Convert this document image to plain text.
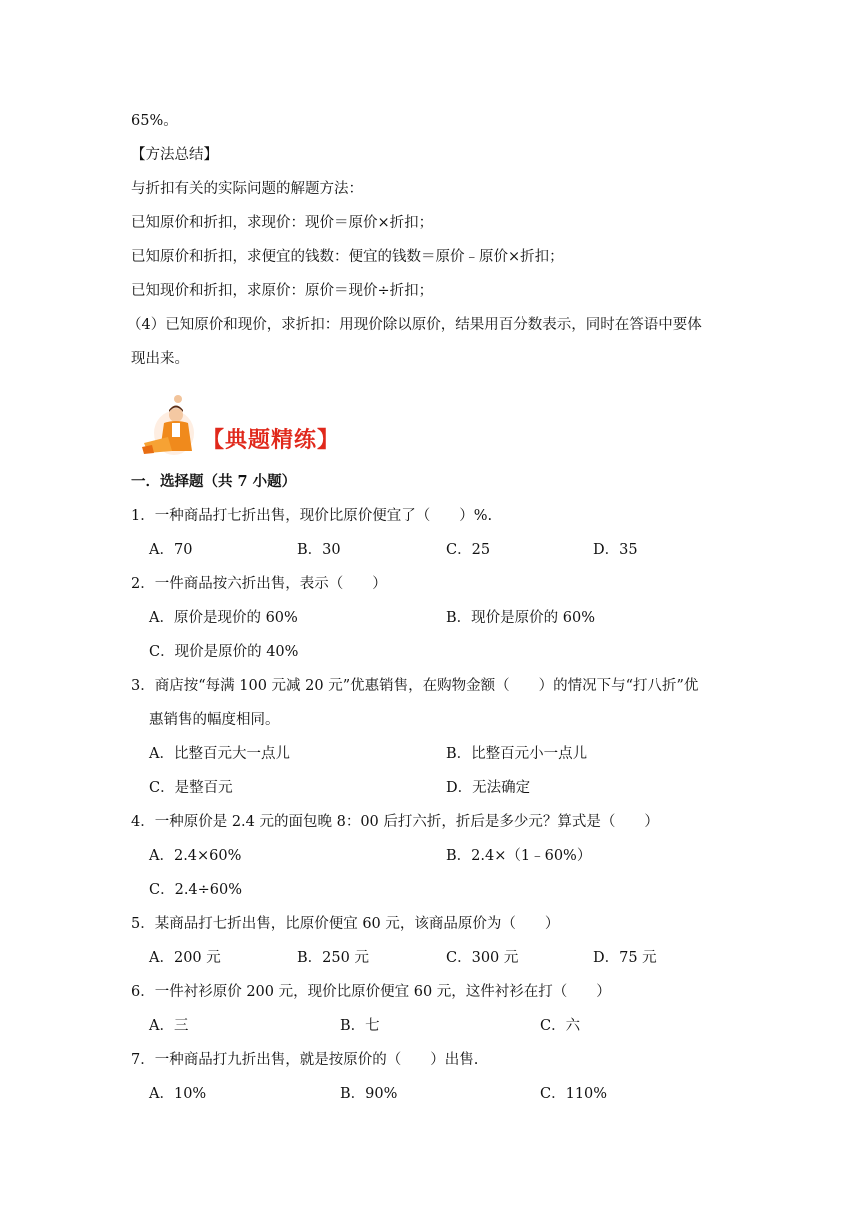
65%。
【方法总结】
与折扣有关的实际问题的解题方法：
已知原价和折扣，求现价：现价＝原价×折扣；
已知原价和折扣，求便宜的钱数：便宜的钱数＝原价﹣原价×折扣；
已知现价和折扣，求原价：原价＝现价÷折扣；
（4）已知原价和现价，求折扣：用现价除以原价，结果用百分数表示，同时在答语中要体
现出来。
【典题精练】
一．选择题（共 7 小题）
1．一种商品打七折出售，现价比原价便宜了（　　）%.
A．70	B．30	C．25	D．35
2．一件商品按六折出售，表示（　　）
A．原价是现价的 60%	B．现价是原价的 60%
C．现价是原价的 40%
3．商店按“每满 100 元减 20 元”优惠销售，在购物金额（　　）的情况下与“打八折”优
惠销售的幅度相同。
A．比整百元大一点儿	B．比整百元小一点儿
C．是整百元	D．无法确定
4．一种原价是 2.4 元的面包晚 8：00 后打六折，折后是多少元？算式是（　　）
A．2.4×60%	B．2.4×（1﹣60%）
C．2.4÷60%
5．某商品打七折出售，比原价便宜 60 元，该商品原价为（　　）
A．200 元	B．250 元	C．300 元	D．75 元
6．一件衬衫原价 200 元，现价比原价便宜 60 元，这件衬衫在打（　　）
A．三	B．七	C．六
7．一种商品打九折出售，就是按原价的（　　）出售.
A．10%	B．90%	C．110%
